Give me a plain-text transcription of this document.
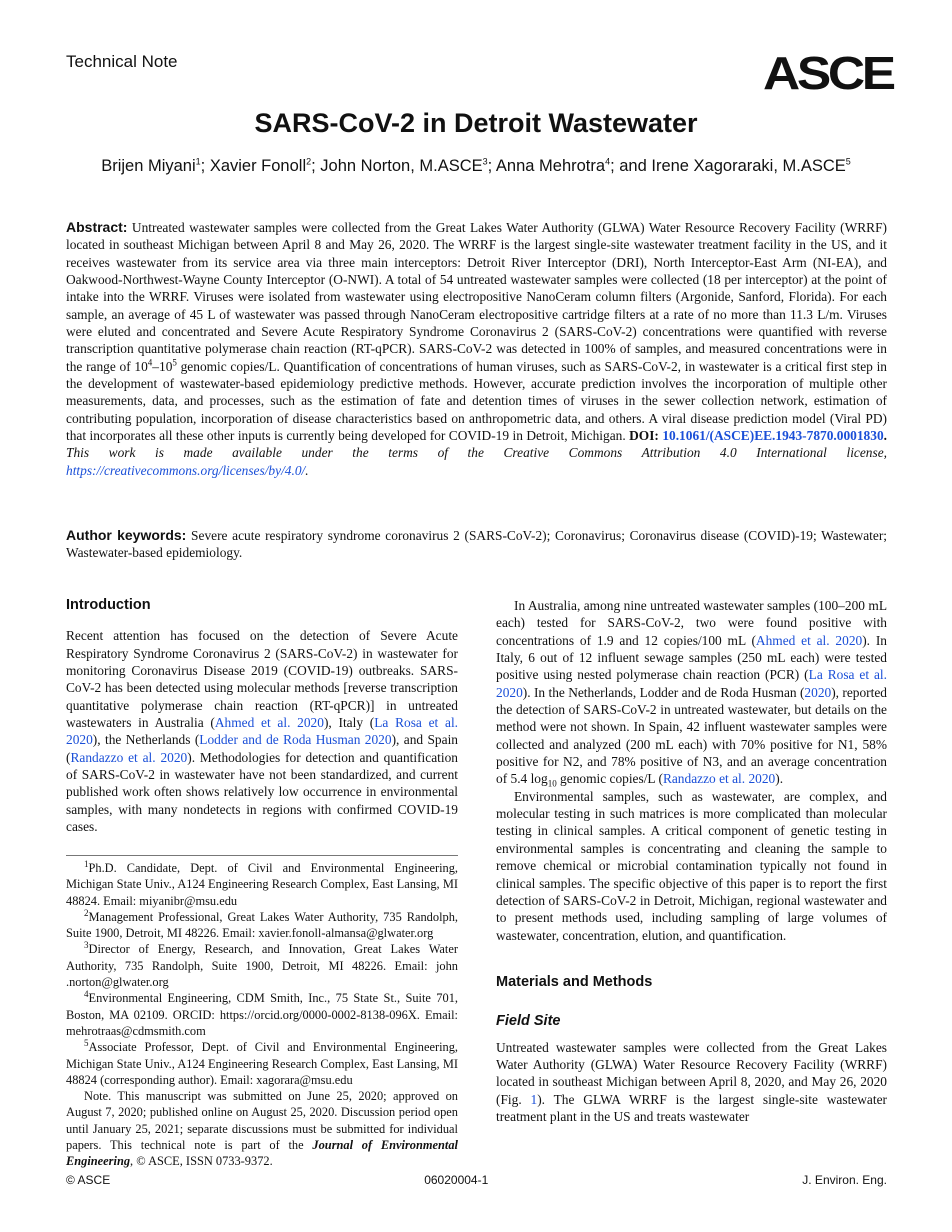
Technical Note	ASCE
SARS-CoV-2 in Detroit Wastewater
Brijen Miyani$^1$; Xavier Fonoll$^2$; John Norton, M.ASCE$^3$; Anna Mehrotra$^4$; and Irene Xagoraraki, M.ASCE$^5$
Abstract: Untreated wastewater samples were collected from the Great Lakes Water Authority (GLWA) Water Resource Recovery Facility (WRRF) located in southeast Michigan between April 8 and May 26, 2020. The WRRF is the largest single-site wastewater treatment facility in the US, and it receives wastewater from its service area via three main interceptors: Detroit River Interceptor (DRI), North Interceptor-East Arm (NI-EA), and Oakwood-Northwest-Wayne County Interceptor (O-NWI). A total of 54 untreated wastewater samples were collected (18 per interceptor) at the point of intake into the WRRF. Viruses were isolated from wastewater using electropositive NanoCeram column filters (Argonide, Sanford, Florida). For each sample, an average of 45 L of wastewater was passed through NanoCeram electropositive cartridge filters at a rate of no more than 11.3 L/m. Viruses were eluted and concentrated and Severe Acute Respiratory Syndrome Coronavirus 2 (SARS-CoV-2) concentrations were quantified with reverse transcription quantitative polymerase chain reaction (RT-qPCR). SARS-CoV-2 was detected in 100% of samples, and measured concentrations were in the range of $10^4-10^5$ genomic copies/L. Quantification of concentrations of human viruses, such as SARS-CoV-2, in wastewater is a critical first step in the development of wastewater-based epidemiology predictive methods. However, accurate prediction involves the incorporation of multiple other measurements, data, and processes, such as the estimation of fate and detention times of viruses in the sewer collection network, estimation of contributing population, incorporation of disease characteristics based on anthropometric data, and others. A viral disease prediction model (Viral PD) that incorporates all these other inputs is currently being developed for COVID-19 in Detroit, Michigan. DOI: 10.1061/(ASCE)EE.1943-7870.0001830. This work is made available under the terms of the Creative Commons Attribution 4.0 International license, https://creativecommons.org/licenses/by/4.0/.
Author keywords: Severe acute respiratory syndrome coronavirus 2 (SARS-CoV-2); Coronavirus; Coronavirus disease (COVID)-19; Wastewater; Wastewater-based epidemiology.
Introduction

Recent attention has focused on the detection of Severe Acute Respiratory Syndrome Coronavirus 2 (SARS-CoV-2) in wastewater for monitoring Coronavirus Disease 2019 (COVID-19) outbreaks. SARS-CoV-2 has been detected using molecular methods [reverse transcription quantitative polymerase chain reaction (RT-qPCR)] in untreated wastewaters in Australia (Ahmed et al. 2020), Italy (La Rosa et al. 2020), the Netherlands (Lodder and de Roda Husman 2020), and Spain (Randazzo et al. 2020). Methodologies for detection and quantification of SARS-CoV-2 in wastewater have not been standardized, and current published work often shows relatively low occurrence in environmental samples, with many nondetects in regions with confirmed COVID-19 cases.

$^1$Ph.D. Candidate, Dept. of Civil and Environmental Engineering, Michigan State Univ., A124 Engineering Research Complex, East Lansing, MI 48824. Email: miyanibr@msu.edu

$^2$Management Professional, Great Lakes Water Authority, 735 Randolph, Suite 1900, Detroit, MI 48226. Email: xavier.fonoll-almansa@glwater.org

$^3$Director of Energy, Research, and Innovation, Great Lakes Water Authority, 735 Randolph, Suite 1900, Detroit, MI 48226. Email: john .norton@glwater.org

$^4$Environmental Engineering, CDM Smith, Inc., 75 State St., Suite 701, Boston, MA 02109. ORCID: https://orcid.org/0000-0002-8138-096X. Email: mehrotraas@cdmsmith.com

$^5$Associate Professor, Dept. of Civil and Environmental Engineering, Michigan State Univ., A124 Engineering Research Complex, East Lansing, MI 48824 (corresponding author). Email: xagorara@msu.edu

Note. This manuscript was submitted on June 25, 2020; approved on August 7, 2020; published online on August 25, 2020. Discussion period open until January 25, 2021; separate discussions must be submitted for individual papers. This technical note is part of the Journal of Environmental Engineering, © ASCE, ISSN 0733-9372.

In Australia, among nine untreated wastewater samples (100–200 mL each) tested for SARS-CoV-2, two were found positive with concentrations of 1.9 and 12 copies/100 mL (Ahmed et al. 2020). In Italy, 6 out of 12 influent sewage samples (250 mL each) were tested positive using nested polymerase chain reaction (PCR) (La Rosa et al. 2020). In the Netherlands, Lodder and de Roda Husman (2020), reported the detection of SARS-CoV-2 in untreated wastewater, but details on the method were not shown. In Spain, 42 influent wastewater samples were collected and analyzed (200 mL each) with 70% positive for N1, 58% positive for N2, and 78% positive of N3, and an average concentration of 5.4 $\log_{10}$ genomic copies/L (Randazzo et al. 2020).

Environmental samples, such as wastewater, are complex, and molecular testing in such matrices is more complicated than molecular testing in clinical samples. A critical component of genetic testing in environmental samples is concentrating and cleaning the sample to remove chemical or microbial contamination typically not found in clinical samples. The specific objective of this paper is to report the first detection of SARS-CoV-2 in Detroit, Michigan, regional wastewater and to present methods used, including sampling of large volumes of wastewater, concentration, elution, and quantification.

Materials and Methods
Field Site

Untreated wastewater samples were collected from the Great Lakes Water Authority (GLWA) Water Resource Recovery Facility (WRRF) located in southeast Michigan between April 8, 2020, and May 26, 2020 (Fig. 1). The GLWA WRRF is the largest single-site wastewater treatment plant in the US and treats wastewater

© ASCE	06020004-1	J. Environ. Eng.
